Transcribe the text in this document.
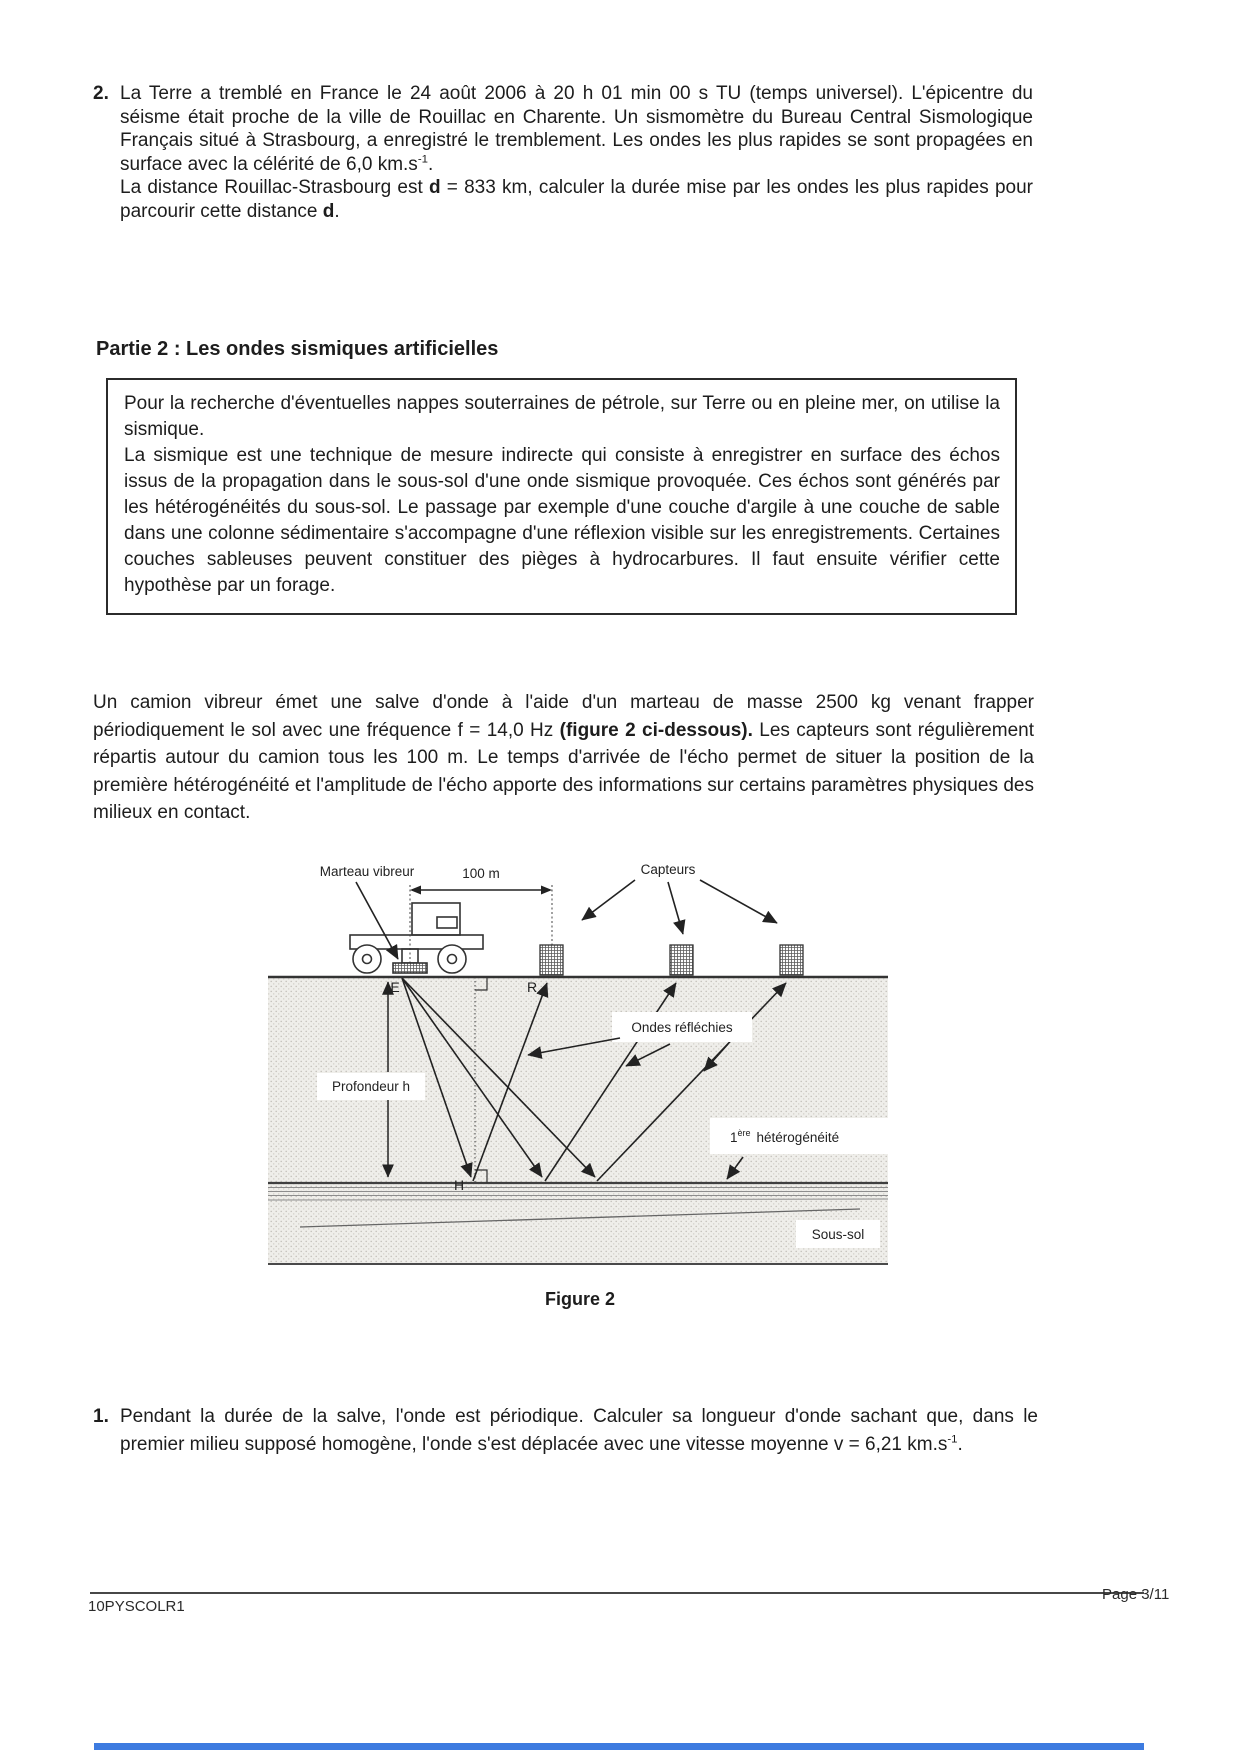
2. La Terre a tremblé en France le 24 août 2006 à 20 h 01 min 00 s TU (temps universel). L'épicentre du séisme était proche de la ville de Rouillac en Charente. Un sismomètre du Bureau Central Sismologique Français situé à Strasbourg, a enregistré le tremblement. Les ondes les plus rapides se sont propagées en surface avec la célérité de 6,0 $km.s^{-1}$.

La distance Rouillac-Strasbourg est d = 833 km, calculer la durée mise par les ondes les plus rapides pour parcourir cette distance d.

Partie 2 : Les ondes sismiques artificielles

Pour la recherche d'éventuelles nappes souterraines de pétrole, sur Terre ou en pleine mer, on utilise la sismique.

La sismique est une technique de mesure indirecte qui consiste à enregistrer en surface des échos issus de la propagation dans le sous-sol d'une onde sismique provoquée. Ces échos sont générés par les hétérogénéités du sous-sol. Le passage par exemple d'une couche d'argile à une couche de sable dans une colonne sédimentaire s'accompagne d'une réflexion visible sur les enregistrements. Certaines couches sableuses peuvent constituer des pièges à hydrocarbures. Il faut ensuite vérifier cette hypothèse par un forage.

Un camion vibreur émet une salve d'onde à l'aide d'un marteau de masse 2500 kg venant frapper périodiquement le sol avec une fréquence f = 14,0 Hz (figure 2 ci-dessous). Les capteurs sont régulièrement répartis autour du camion tous les 100 m. Le temps d'arrivée de l'écho permet de situer la position de la première hétérogénéité et l'amplitude de l'écho apporte des informations sur certains paramètres physiques des milieux en contact.

Ondes réfléchies
Profondeur h
1ère hétérogénéité
Sous-sol
Marteau vibreur	100 m	Capteurs
E	R
H
Figure 2
1. Pendant la durée de la salve, l'onde est périodique. Calculer sa longueur d'onde sachant que, dans le premier milieu supposé homogène, l'onde s'est déplacée avec une vitesse moyenne v = 6,21 $km.s^{-1}$.

10PYSCOLR1
Page 3/11
